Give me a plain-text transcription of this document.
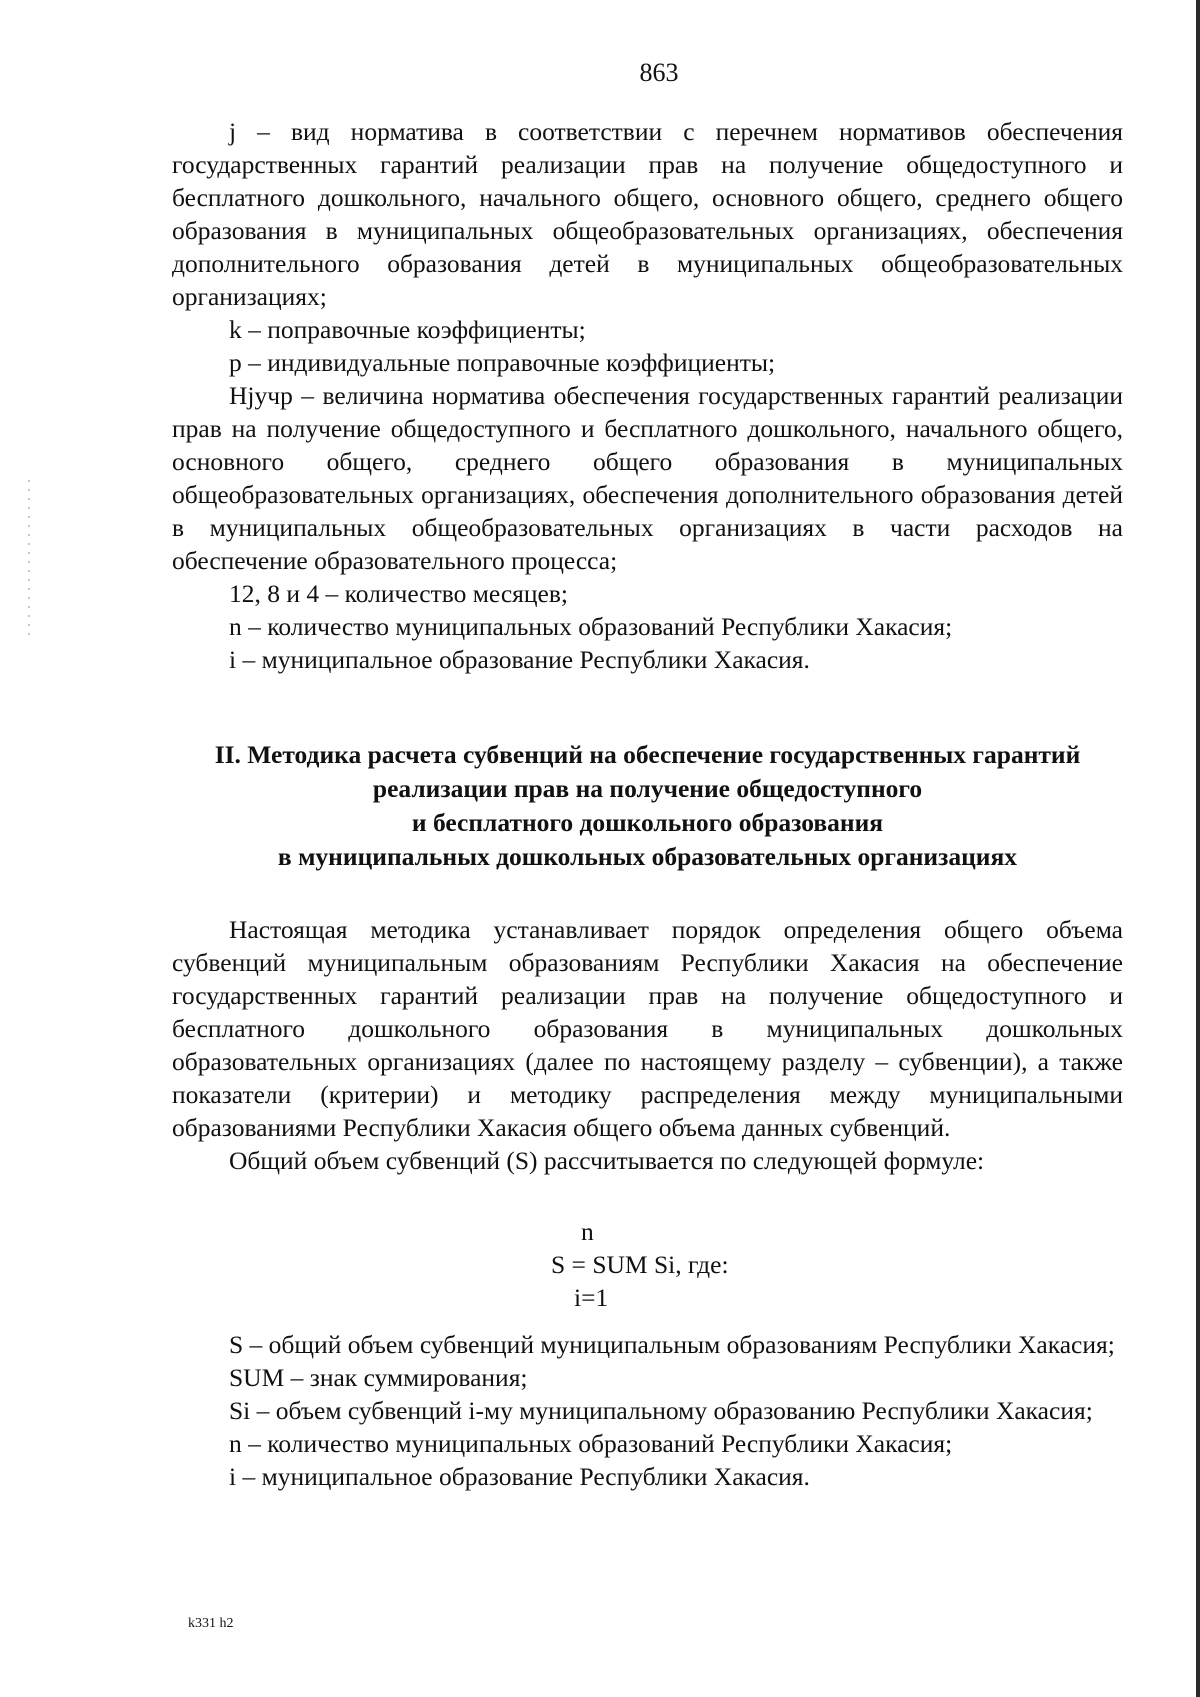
863

j – вид норматива в соответствии с перечнем нормативов обеспечения государственных гарантий реализации прав на получение общедоступного и бесплатного дошкольного, начального общего, основного общего, среднего общего образования в муниципальных общеобразовательных организациях, обеспечения дополнительного образования детей в муниципальных общеобразовательных организациях;

k – поправочные коэффициенты;

p – индивидуальные поправочные коэффициенты;

Нjучр – величина норматива обеспечения государственных гарантий реализации прав на получение общедоступного и бесплатного дошкольного, начального общего, основного общего, среднего общего образования в муниципальных общеобразовательных организациях, обеспечения дополнительного образования детей в муниципальных общеобразовательных организациях в части расходов на обеспечение образовательного процесса;

12, 8 и 4 – количество месяцев;

n – количество муниципальных образований Республики Хакасия;

i – муниципальное образование Республики Хакасия.

II. Методика расчета субвенций на обеспечение государственных гарантий
реализации прав на получение общедоступного
и бесплатного дошкольного образования
в муниципальных дошкольных образовательных организациях

Настоящая методика устанавливает порядок определения общего объема субвенций муниципальным образованиям Республики Хакасия на обеспечение государственных гарантий реализации прав на получение общедоступного и бесплатного дошкольного образования в муниципальных дошкольных образовательных организациях (далее по настоящему разделу – субвенции), а также показатели (критерии) и методику распределения между муниципальными образованиями Республики Хакасия общего объема данных субвенций.

Общий объем субвенций (S) рассчитывается по следующей формуле:

n
S = SUM Si, где:
i=1

S – общий объем субвенций муниципальным образованиям Республики Хакасия;

SUM – знак суммирования;

Si – объем субвенций i-му муниципальному образованию Республики Хакасия;

n – количество муниципальных образований Республики Хакасия;

i – муниципальное образование Республики Хакасия.

k331 h2
